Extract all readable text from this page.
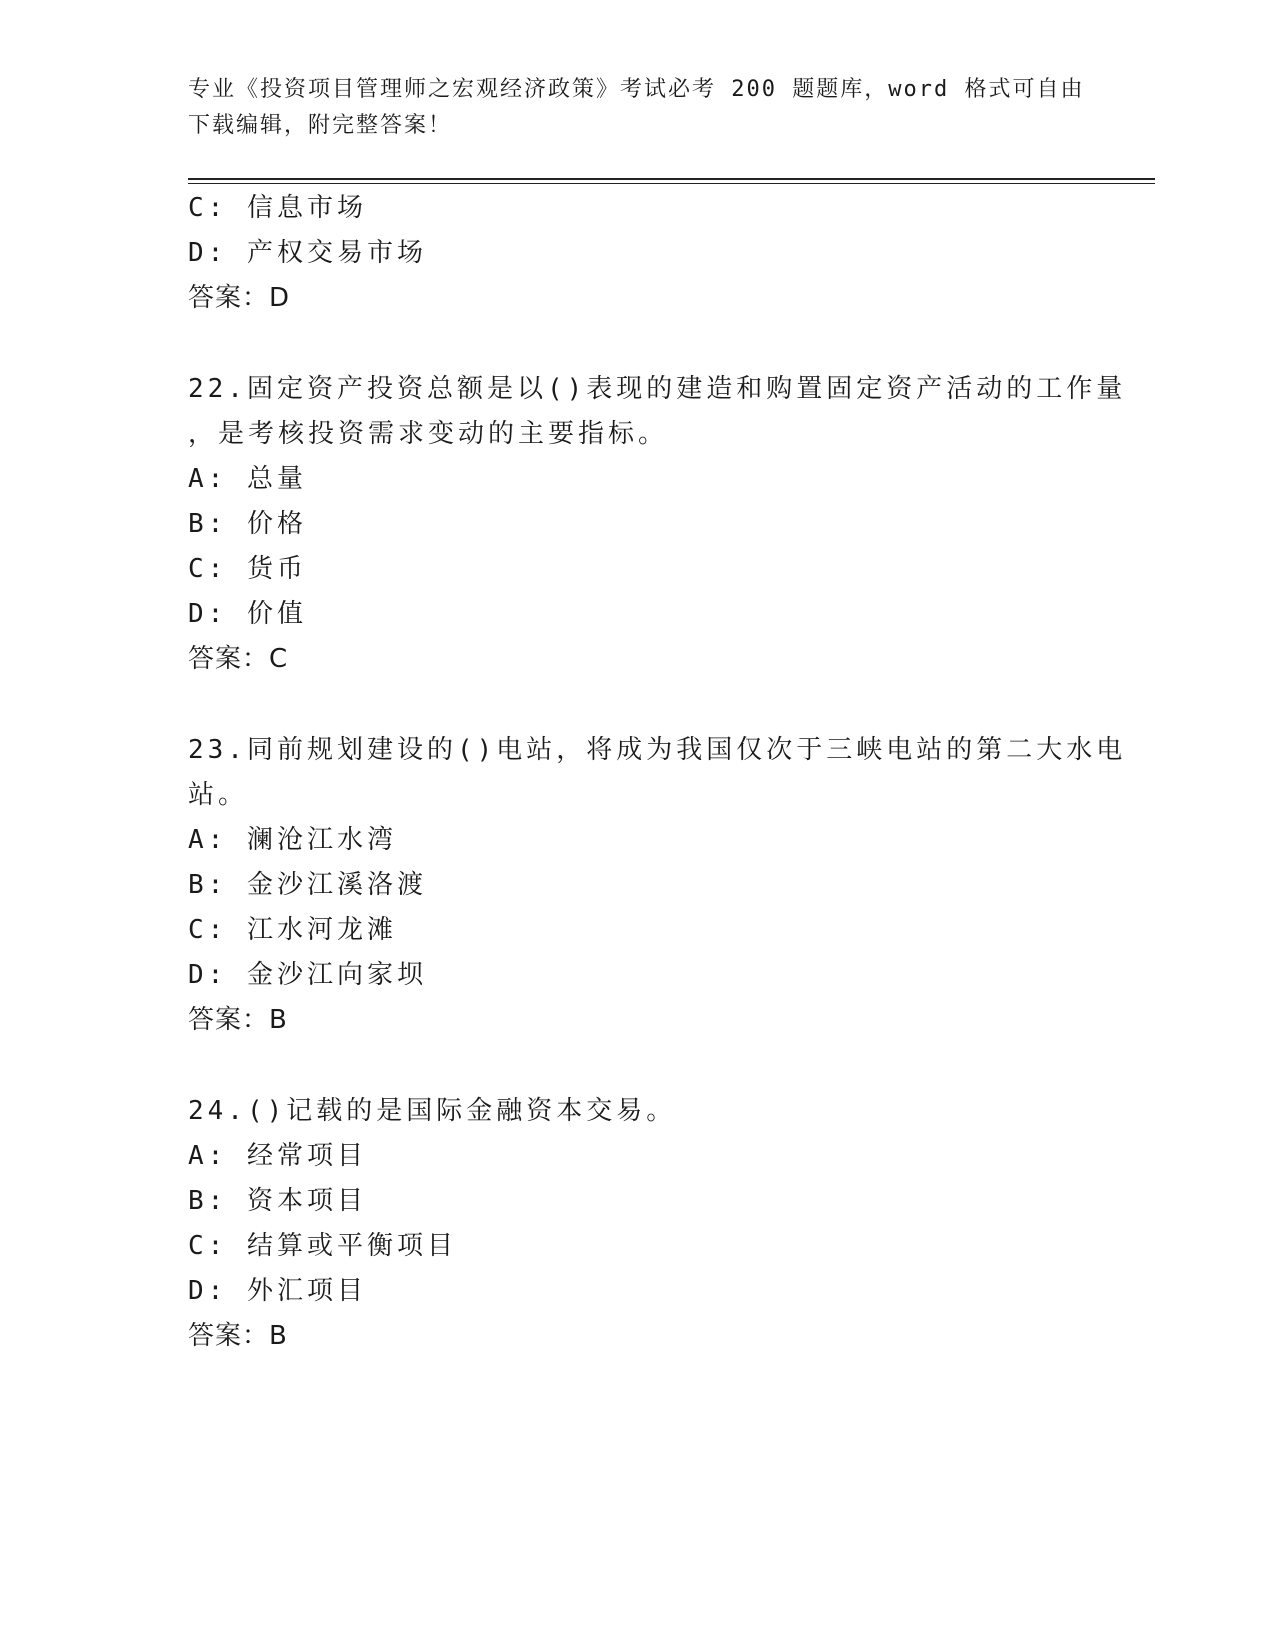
专业《投资项目管理师之宏观经济政策》考试必考 200 题题库，word 格式可自由
下载编辑，附完整答案！
C: 信息市场
D: 产权交易市场
答案：D
22.固定资产投资总额是以()表现的建造和购置固定资产活动的工作量
，是考核投资需求变动的主要指标。
A: 总量
B: 价格
C: 货币
D: 价值
答案：C
23.同前规划建设的()电站，将成为我国仅次于三峡电站的第二大水电
站。
A: 澜沧江水湾
B: 金沙江溪洛渡
C: 江水河龙滩
D: 金沙江向家坝
答案：B
24.()记载的是国际金融资本交易。
A: 经常项目
B: 资本项目
C: 结算或平衡项目
D: 外汇项目
答案：B
